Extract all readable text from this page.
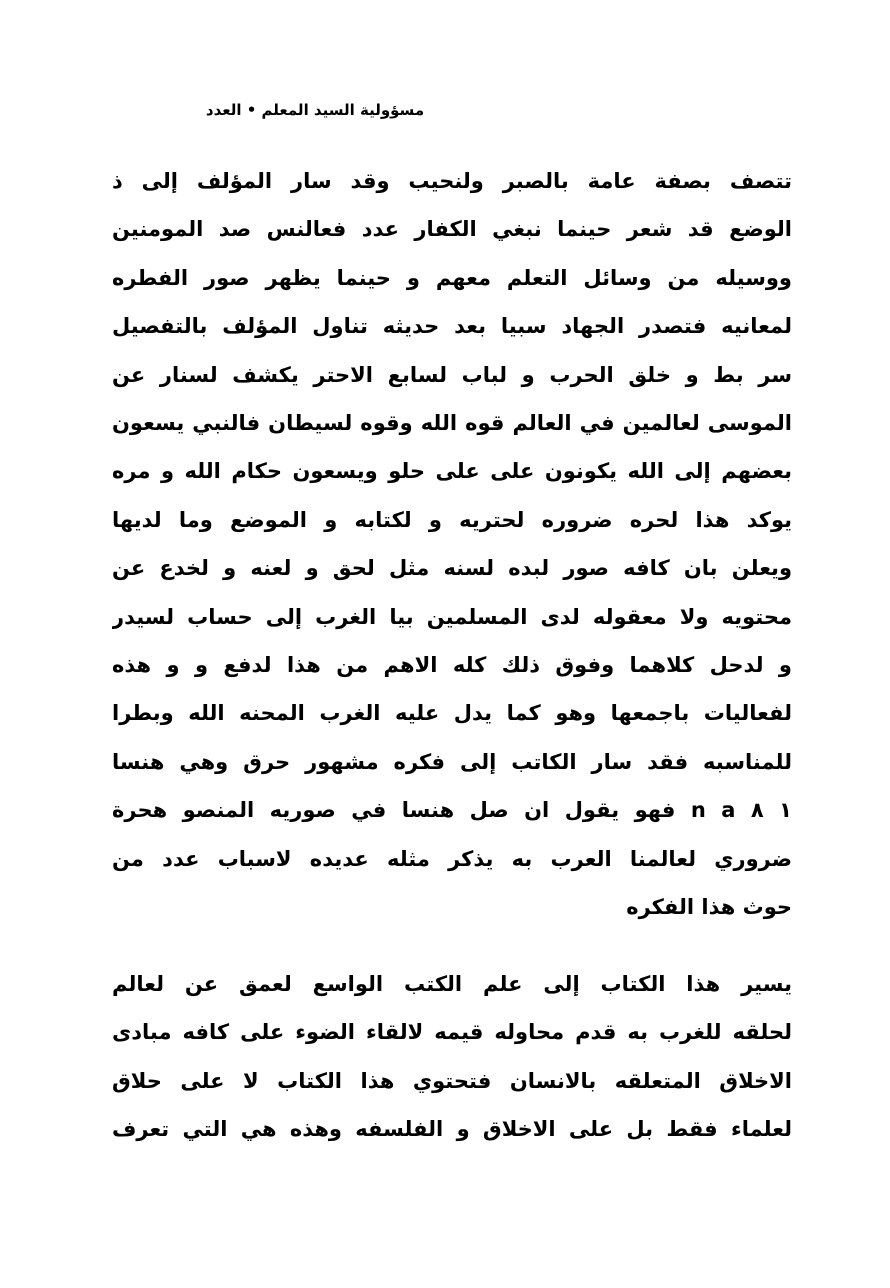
مسؤولية السيد المعلم • العدد
تتصف بصفة عامة بالصبر ولنحيب وقد سار المؤلف إلى ذ
الوضع قد شعر حينما نبغي الكفار عدد فعالنس صد المومنين
ووسيله من وسائل التعلم معهم و حينما يظهر صور الفطره
لمعانيه فتصدر الجهاد سبيا بعد حديثه تناول المؤلف بالتفصيل
سر بط و خلق الحرب و لباب لسابع الاحتر يكشف لسنار عن
الموسى لعالمين في العالم قوه الله وقوه لسيطان فالنبي يسعون
بعضهم إلى الله يكونون على على حلو ويسعون حكام الله و مره
يوكد هذا لحره ضروره لحتريه و لكتابه و الموضع وما لديها
ويعلن بان كافه صور لبده لسنه مثل لحق و لعنه و لخدع عن
محتويه ولا معقوله لدى المسلمين بيا الغرب إلى حساب لسيدر
و لدحل كلاهما وفوق ذلك كله الاهم من هذا لدفع و و هذه
لفعاليات باجمعها وهو كما يدل عليه الغرب المحنه الله وبطرا
للمناسبه فقد سار الكاتب إلى فكره مشهور حرق وهي هنسا
١ ٨ n a فهو يقول ان صل هنسا في صوريه المنصو هحرة
ضروري لعالمنا العرب به يذكر مثله عديده لاسباب عدد من
حوث هذا الفكره
يسير هذا الكتاب إلى علم الكتب الواسع لعمق عن لعالم
لحلقه للغرب به قدم محاوله قيمه لالقاء الضوء على كافه مبادى
الاخلاق المتعلقه بالانسان فتحتوي هذا الكتاب لا على حلاق
لعلماء فقط بل على الاخلاق و الفلسفه وهذه هي التي تعرف
